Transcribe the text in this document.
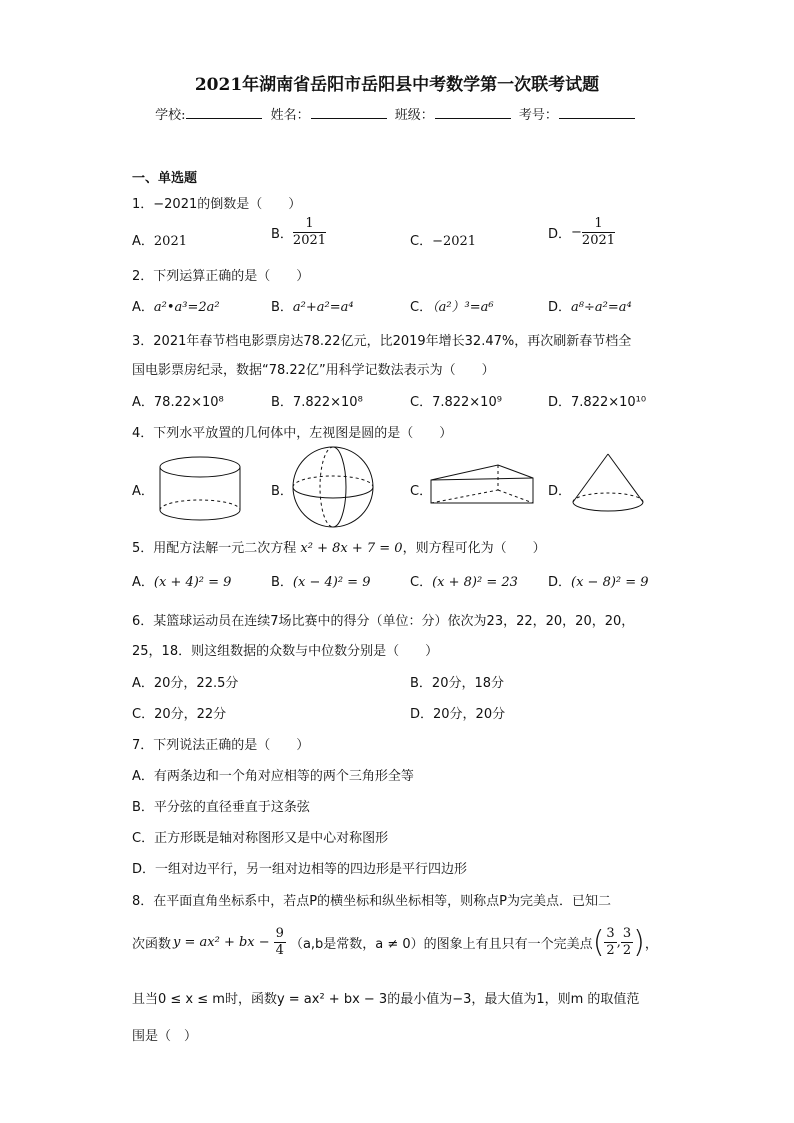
2021年湖南省岳阳市岳阳县中考数学第一次联考试题
学校:	姓名：	班级：	考号：
一、单选题
1．−2021的倒数是（　　）
A．2021	B． $\frac{1}{2021}$	C．−2021	D．− $\frac{1}{2021}$
2．下列运算正确的是（　　）
A．a²•a³=2a²	B．a²+a²=a⁴	C．（a²）³=a⁶	D．a⁸÷a²=a⁴
3．2021年春节档电影票房达78.22亿元，比2019年增长32.47%，再次刷新春节档全
国电影票房纪录，数据“78.22亿”用科学记数法表示为（　　）
A．78.22×10⁸	B．7.822×10⁸	C．7.822×10⁹	D．7.822×10¹⁰
4．下列水平放置的几何体中，左视图是圆的是（　　）
A．	B．	C．	D．
5．用配方法解一元二次方程 x² + 8x + 7 = 0，则方程可化为（　　）
A．(x + 4)² = 9	B．(x − 4)² = 9	C．(x + 8)² = 23 D．(x − 8)² = 9
6．某篮球运动员在连续7场比赛中的得分（单位：分）依次为23，22，20，20，20，
25，18．则这组数据的众数与中位数分别是（　　）
A．20分，22.5分	B．20分，18分
C．20分，22分	D．20分，20分
7．下列说法正确的是（　　）
A．有两条边和一个角对应相等的两个三角形全等
B．平分弦的直径垂直于这条弦
C．正方形既是轴对称图形又是中心对称图形
D．一组对边平行，另一组对边相等的四边形是平行四边形
8．在平面直角坐标系中，若点P的横坐标和纵坐标相等，则称点P为完美点．已知二
次函数 y = ax² + bx − $\frac{9}{4} (a,b$是常数，a ≠ 0）的图象上有且只有一个完美点 ( $\frac{3}{2}$ , $\frac{3}{2}$ ) ，
且当0 ≤ x ≤ m时，函数y = ax² + bx − 3的最小值为−3，最大值为1，则m 的取值范
围是（　）
